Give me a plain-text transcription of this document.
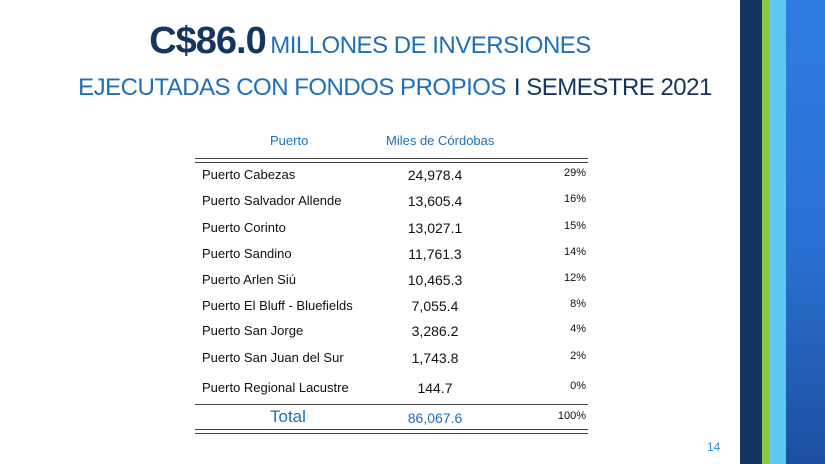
C$86.0 MILLONES DE INVERSIONES
EJECUTADAS CON FONDOS PROPIOS I SEMESTRE 2021
Puerto	Miles de Córdobas
Puerto Cabezas	24,978.4	29%
Puerto Salvador Allende	13,605.4	16%
Puerto Corinto	13,027.1	15%
Puerto Sandino	11,761.3	14%
Puerto Arlen Siú	10,465.3	12%
Puerto El Bluff - Bluefields	7,055.4	8%
Puerto San Jorge	3,286.2	4%
Puerto San Juan del Sur	1,743.8	2%
Puerto Regional Lacustre	144.7	0%
Total	86,067.6	100%
14
